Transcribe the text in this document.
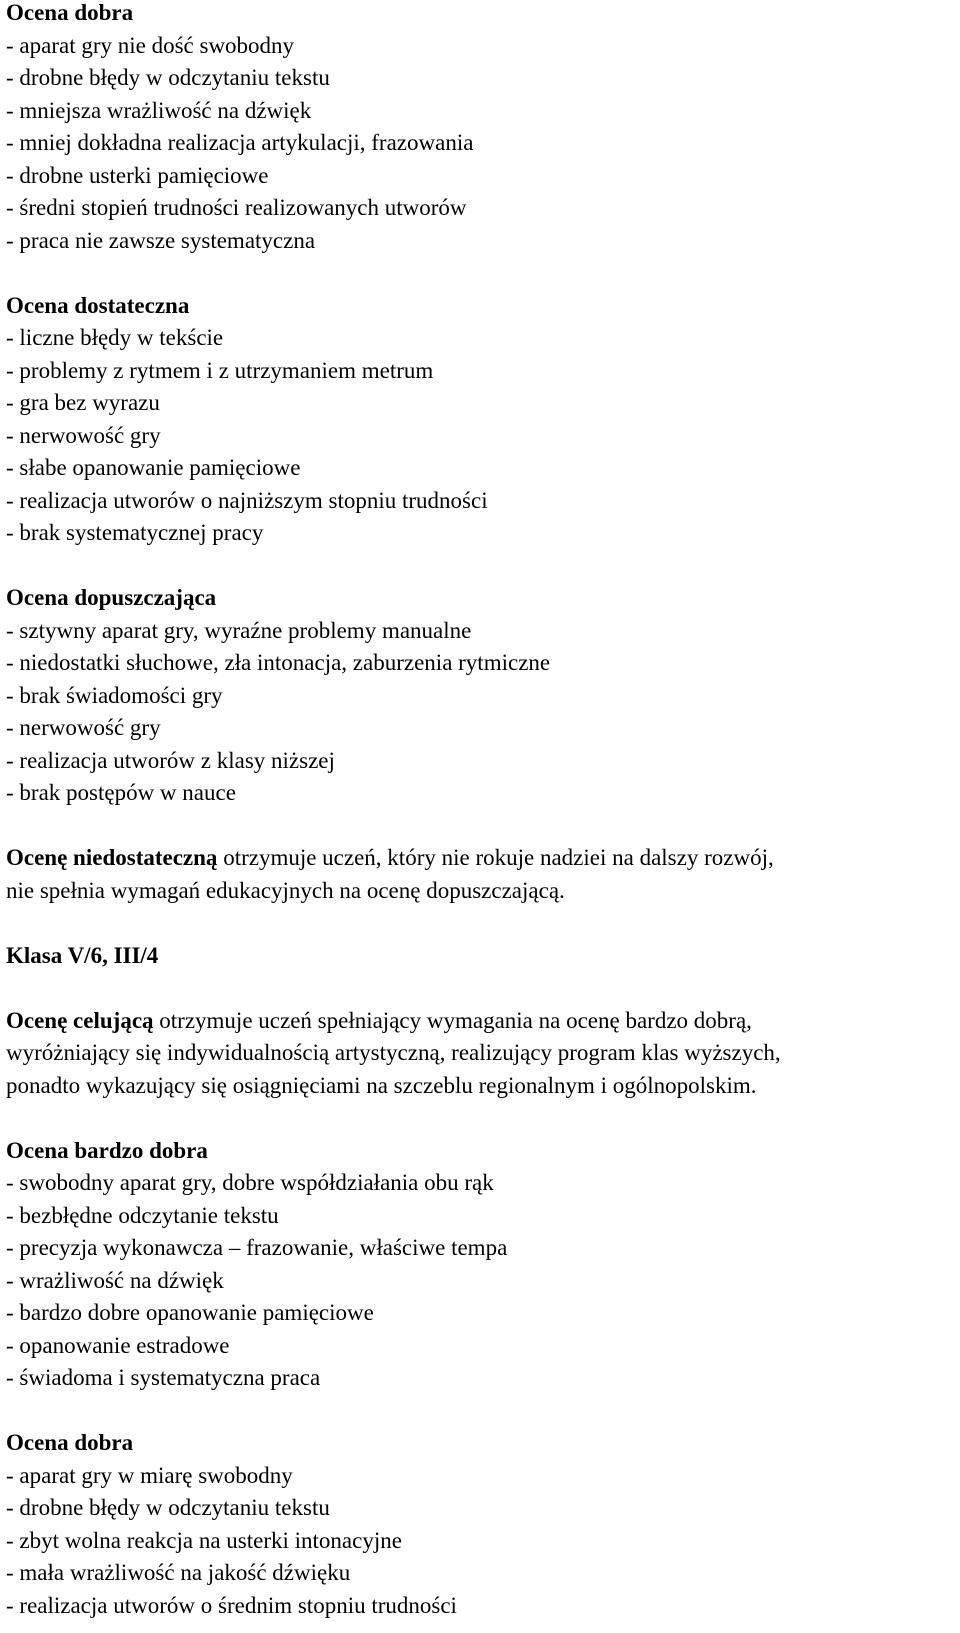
Ocena dobra

- aparat gry nie dość swobodny

- drobne błędy w odczytaniu tekstu

- mniejsza wrażliwość na dźwięk

- mniej dokładna realizacja artykulacji, frazowania

- drobne usterki pamięciowe

- średni stopień trudności realizowanych utworów

- praca nie zawsze systematyczna

Ocena dostateczna

- liczne błędy w tekście

- problemy z rytmem i z utrzymaniem metrum

- gra bez wyrazu

- nerwowość gry

- słabe opanowanie pamięciowe

- realizacja utworów o najniższym stopniu trudności

- brak systematycznej pracy

Ocena dopuszczająca

- sztywny aparat gry, wyraźne problemy manualne

- niedostatki słuchowe, zła intonacja, zaburzenia rytmiczne

- brak świadomości gry

- nerwowość gry

- realizacja utworów z klasy niższej

- brak postępów w nauce

Ocenę niedostateczną otrzymuje uczeń, który nie rokuje nadziei na dalszy rozwój,

nie spełnia wymagań edukacyjnych na ocenę dopuszczającą.

Klasa V/6, III/4

Ocenę celującą otrzymuje uczeń spełniający wymagania na ocenę bardzo dobrą,

wyróżniający się indywidualnością artystyczną, realizujący program klas wyższych,

ponadto wykazujący się osiągnięciami na szczeblu regionalnym i ogólnopolskim.

Ocena bardzo dobra

- swobodny aparat gry, dobre współdziałania obu rąk

- bezbłędne odczytanie tekstu

- precyzja wykonawcza – frazowanie, właściwe tempa

- wrażliwość na dźwięk

- bardzo dobre opanowanie pamięciowe

- opanowanie estradowe

- świadoma i systematyczna praca

Ocena dobra

- aparat gry w miarę swobodny

- drobne błędy w odczytaniu tekstu

- zbyt wolna reakcja na usterki intonacyjne

- mała wrażliwość na jakość dźwięku

- realizacja utworów o średnim stopniu trudności
